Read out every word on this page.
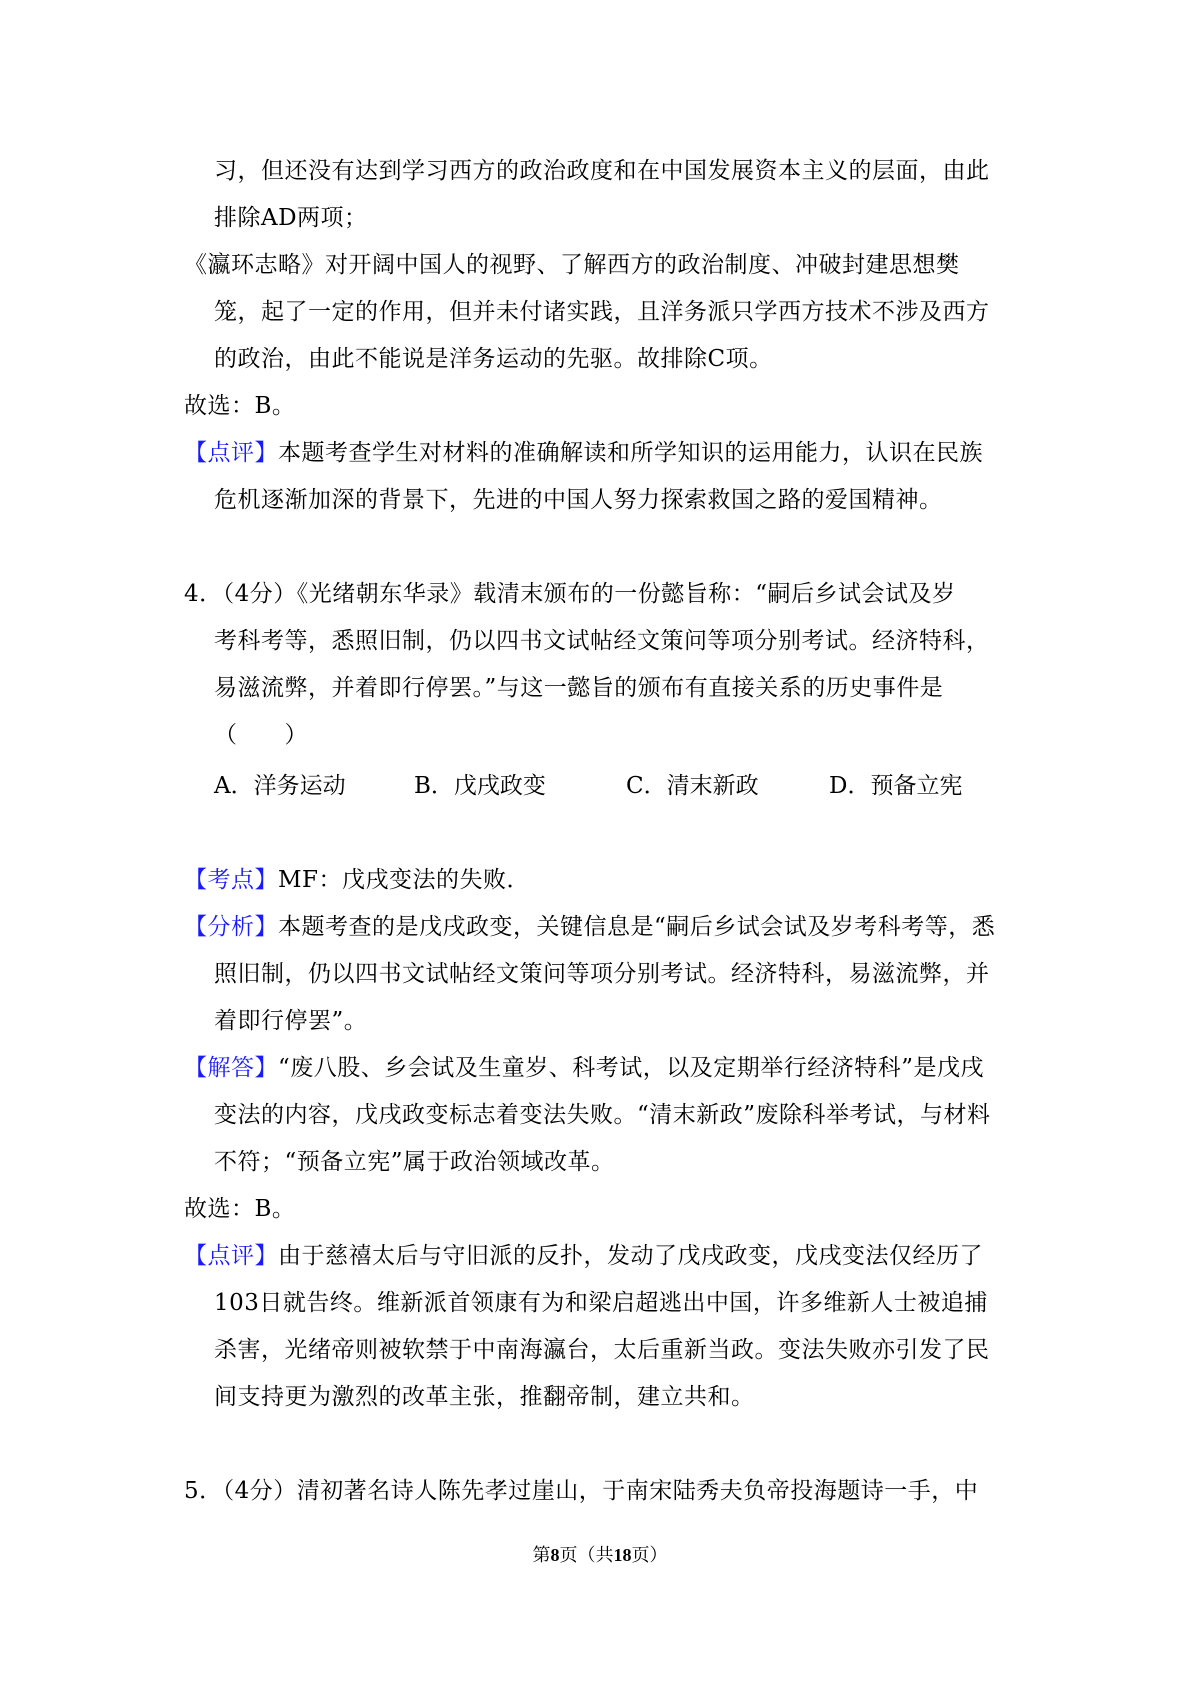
习，但还没有达到学习西方的政治政度和在中国发展资本主义的层面，由此
排除AD两项；
《瀛环志略》对开阔中国人的视野、了解西方的政治制度、冲破封建思想樊
笼，起了一定的作用，但并未付诸实践，且洋务派只学西方技术不涉及西方
的政治，由此不能说是洋务运动的先驱。故排除C项。
故选：B。
【点评】本题考查学生对材料的准确解读和所学知识的运用能力，认识在民族
危机逐渐加深的背景下，先进的中国人努力探索救国之路的爱国精神。
4．（4分）《光绪朝东华录》载清末颁布的一份懿旨称：“嗣后乡试会试及岁
考科考等，悉照旧制，仍以四书文试帖经文策问等项分别考试。经济特科，
易滋流弊，并着即行停罢。”与这一懿旨的颁布有直接关系的历史事件是
（　　）
A．洋务运动	B．戊戌政变	C．清末新政	D．预备立宪
【考点】MF：戊戌变法的失败．
【分析】本题考查的是戊戌政变，关键信息是“嗣后乡试会试及岁考科考等，悉
照旧制，仍以四书文试帖经文策问等项分别考试。经济特科，易滋流弊，并
着即行停罢”。
【解答】“废八股、乡会试及生童岁、科考试，以及定期举行经济特科”是戊戌
变法的内容，戊戌政变标志着变法失败。“清末新政”废除科举考试，与材料
不符；“预备立宪”属于政治领域改革。
故选：B。
【点评】由于慈禧太后与守旧派的反扑，发动了戊戌政变，戊戌变法仅经历了
103日就告终。维新派首领康有为和梁启超逃出中国，许多维新人士被追捕
杀害，光绪帝则被软禁于中南海瀛台，太后重新当政。变法失败亦引发了民
间支持更为激烈的改革主张，推翻帝制，建立共和。
5．（4分）清初著名诗人陈先孝过崖山，于南宋陆秀夫负帝投海题诗一手，中
第8页（共18页）
